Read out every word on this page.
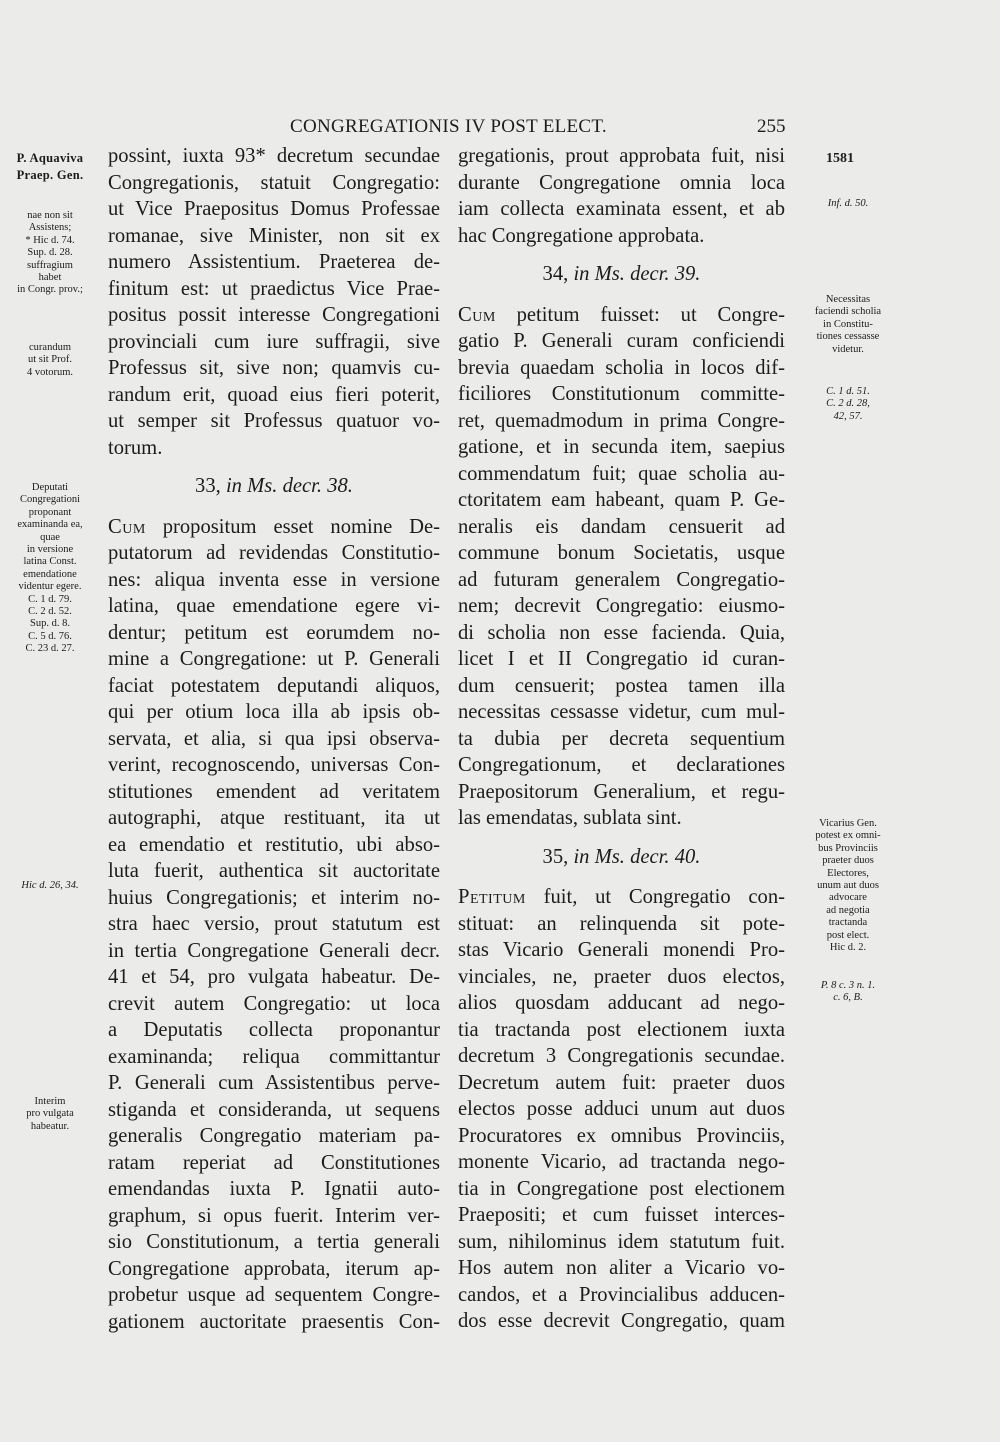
CONGREGATIONIS IV POST ELECT.	255
P. Aquaviva
Praep. Gen.
nae non sit
Assistens;
* Hic d. 74.
Sup. d. 28.
suffragium
habet
in Congr. prov.;
curandum
ut sit Prof.
4 votorum.
Deputati
Congregationi
proponant
examinanda ea,
quae
in versione
latina Const.
emendatione
videntur egere.
C. 1 d. 79.
C. 2 d. 52.
Sup. d. 8.
C. 5 d. 76.
C. 23 d. 27.
Hic d. 26, 34.
Interim
pro vulgata
habeatur.
1581
Inf. d. 50.
Necessitas
faciendi scholia
in Constitu-
tiones cessasse
videtur.
C. 1 d. 51.
C. 2 d. 28,
42, 57.
Vicarius Gen.
potest ex omni-
bus Provinciis
praeter duos
Electores,
unum aut duos
advocare
ad negotia
tractanda
post elect.
Hic d. 2.
P. 8 c. 3 n. 1.
c. 6, B.
possint, iuxta 93* decretum secundae
Congregationis, statuit Congregatio:
ut Vice Praepositus Domus Professae
romanae, sive Minister, non sit ex
numero Assistentium. Praeterea de-
finitum est: ut praedictus Vice Prae-
positus possit interesse Congregationi
provinciali cum iure suffragii, sive
Professus sit, sive non; quamvis cu-
randum erit, quoad eius fieri poterit,
ut semper sit Professus quatuor vo-
torum.
33, in Ms. decr. 38.
Cum propositum esset nomine De-
putatorum ad revidendas Constitutio-
nes: aliqua inventa esse in versione
latina, quae emendatione egere vi-
dentur; petitum est eorumdem no-
mine a Congregatione: ut P. Generali
faciat potestatem deputandi aliquos,
qui per otium loca illa ab ipsis ob-
servata, et alia, si qua ipsi observa-
verint, recognoscendo, universas Con-
stitutiones emendent ad veritatem
autographi, atque restituant, ita ut
ea emendatio et restitutio, ubi abso-
luta fuerit, authentica sit auctoritate
huius Congregationis; et interim no-
stra haec versio, prout statutum est
in tertia Congregatione Generali decr.
41 et 54, pro vulgata habeatur. De-
crevit autem Congregatio: ut loca
a Deputatis collecta proponantur
examinanda; reliqua committantur
P. Generali cum Assistentibus perve-
stiganda et consideranda, ut sequens
generalis Congregatio materiam pa-
ratam reperiat ad Constitutiones
emendandas iuxta P. Ignatii auto-
graphum, si opus fuerit. Interim ver-
sio Constitutionum, a tertia generali
Congregatione approbata, iterum ap-
probetur usque ad sequentem Congre-
gationem auctoritate praesentis Con-
gregationis, prout approbata fuit, nisi
durante Congregatione omnia loca
iam collecta examinata essent, et ab
hac Congregatione approbata.
34, in Ms. decr. 39.
Cum petitum fuisset: ut Congre-
gatio P. Generali curam conficiendi
brevia quaedam scholia in locos dif-
ficiliores Constitutionum committe-
ret, quemadmodum in prima Congre-
gatione, et in secunda item, saepius
commendatum fuit; quae scholia au-
ctoritatem eam habeant, quam P. Ge-
neralis eis dandam censuerit ad
commune bonum Societatis, usque
ad futuram generalem Congregatio-
nem; decrevit Congregatio: eiusmo-
di scholia non esse facienda. Quia,
licet I et II Congregatio id curan-
dum censuerit; postea tamen illa
necessitas cessasse videtur, cum mul-
ta dubia per decreta sequentium
Congregationum, et declarationes
Praepositorum Generalium, et regu-
las emendatas, sublata sint.
35, in Ms. decr. 40.
Petitum fuit, ut Congregatio con-
stituat: an relinquenda sit pote-
stas Vicario Generali monendi Pro-
vinciales, ne, praeter duos electos,
alios quosdam adducant ad nego-
tia tractanda post electionem iuxta
decretum 3 Congregationis secundae.
Decretum autem fuit: praeter duos
electos posse adduci unum aut duos
Procuratores ex omnibus Provinciis,
monente Vicario, ad tractanda nego-
tia in Congregatione post electionem
Praepositi; et cum fuisset interces-
sum, nihilominus idem statutum fuit.
Hos autem non aliter a Vicario vo-
candos, et a Provincialibus adducen-
dos esse decrevit Congregatio, quam
